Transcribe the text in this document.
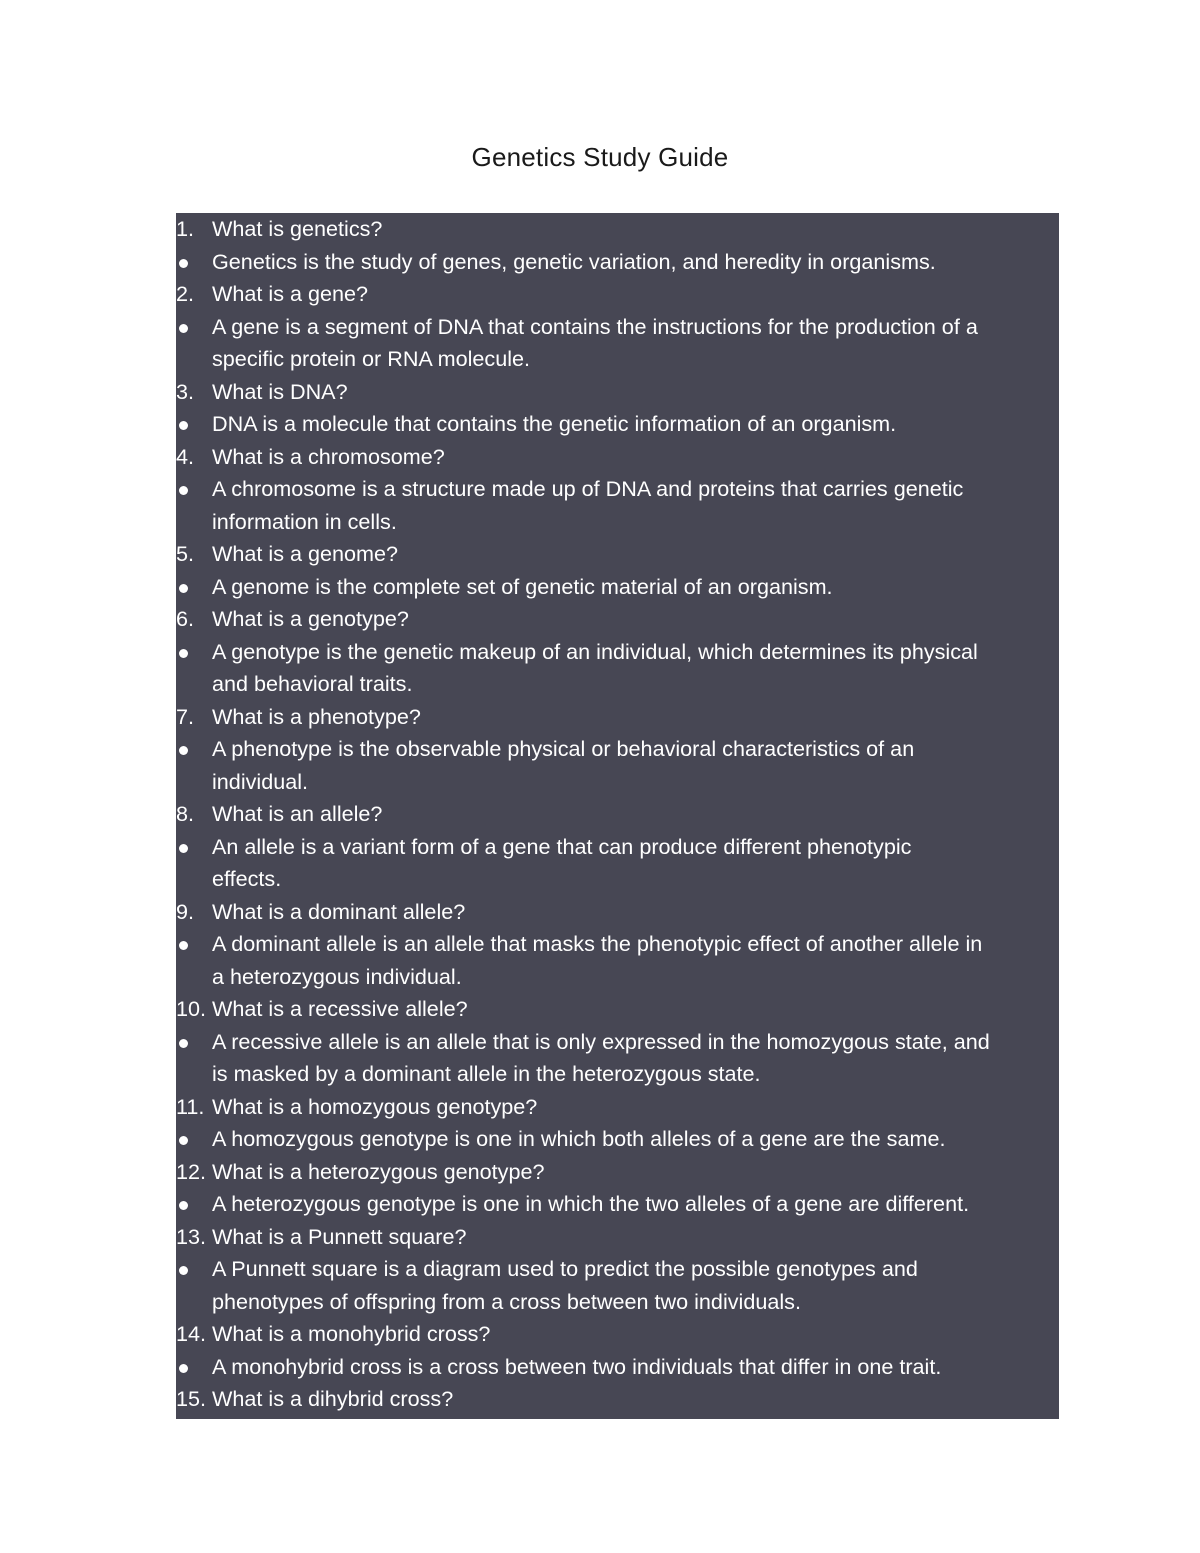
Genetics Study Guide
1. What is genetics?
Genetics is the study of genes, genetic variation, and heredity in organisms.
2. What is a gene?
A gene is a segment of DNA that contains the instructions for the production of a
specific protein or RNA molecule.
3. What is DNA?
DNA is a molecule that contains the genetic information of an organism.
4. What is a chromosome?
A chromosome is a structure made up of DNA and proteins that carries genetic
information in cells.
5. What is a genome?
A genome is the complete set of genetic material of an organism.
6. What is a genotype?
A genotype is the genetic makeup of an individual, which determines its physical
and behavioral traits.
7. What is a phenotype?
A phenotype is the observable physical or behavioral characteristics of an
individual.
8. What is an allele?
An allele is a variant form of a gene that can produce different phenotypic
effects.
9. What is a dominant allele?
A dominant allele is an allele that masks the phenotypic effect of another allele in
a heterozygous individual.
10. What is a recessive allele?
A recessive allele is an allele that is only expressed in the homozygous state, and
is masked by a dominant allele in the heterozygous state.
11. What is a homozygous genotype?
A homozygous genotype is one in which both alleles of a gene are the same.
12. What is a heterozygous genotype?
A heterozygous genotype is one in which the two alleles of a gene are different.
13. What is a Punnett square?
A Punnett square is a diagram used to predict the possible genotypes and
phenotypes of offspring from a cross between two individuals.
14. What is a monohybrid cross?
A monohybrid cross is a cross between two individuals that differ in one trait.
15. What is a dihybrid cross?
